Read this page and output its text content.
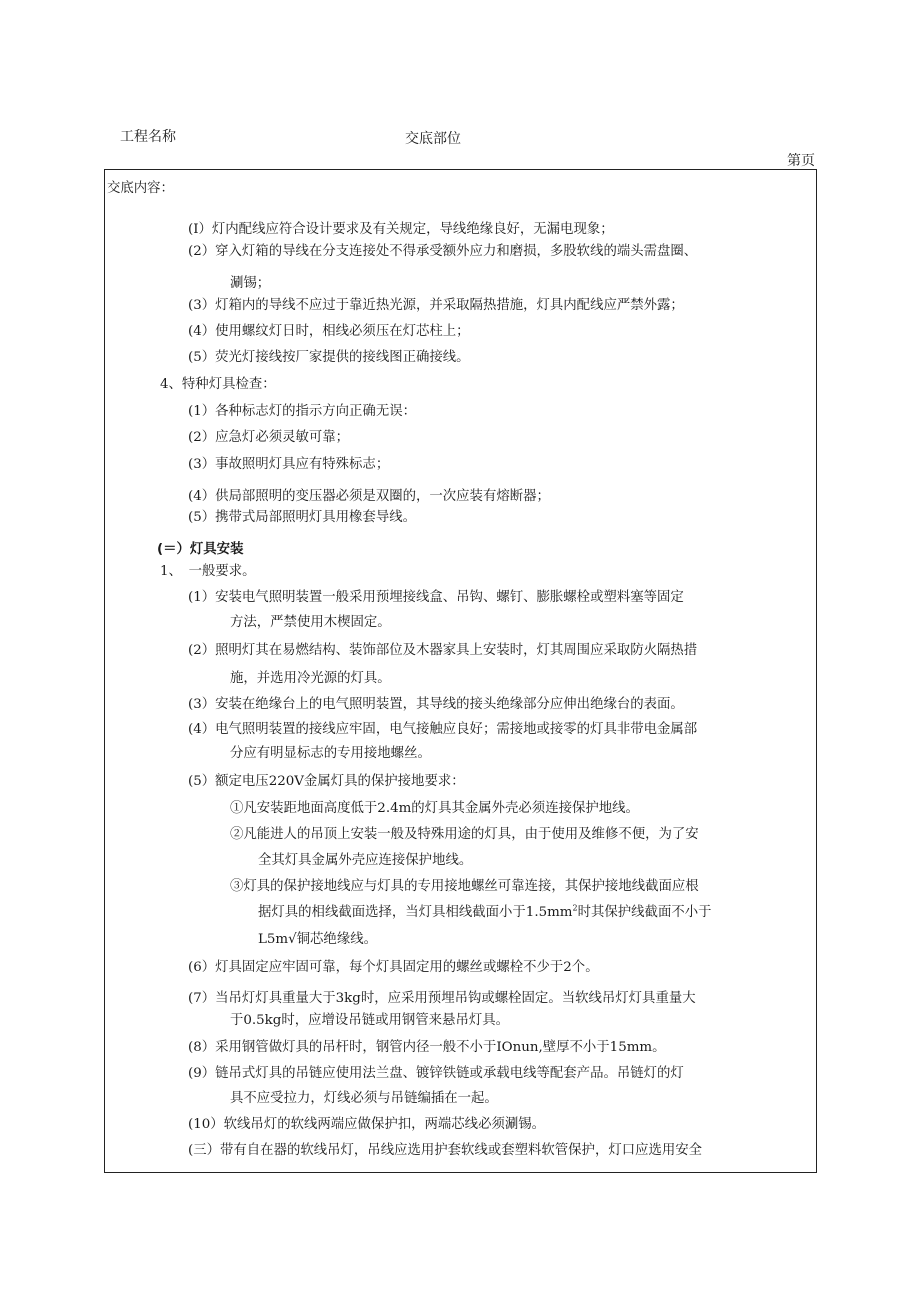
工程名称	交底部位
第页
交底内容：
(I）灯内配线应符合设计要求及有关规定，导线绝缘良好，无漏电现象；
(2）穿入灯箱的导线在分支连接处不得承受额外应力和磨损，多股软线的端头需盘圈、
涮锡；
(3）灯箱内的导线不应过于靠近热光源，并采取隔热措施，灯具内配线应严禁外露；
(4）使用螺纹灯日时，相线必须压在灯芯柱上；
(5）荧光灯接线按厂家提供的接线图正确接线。
4、特种灯具检查：
(1）各种标志灯的指示方向正确无误：
(2）应急灯必须灵敏可靠；
(3）事故照明灯具应有特殊标志；
(4）供局部照明的变压器必须是双圈的，一次应装有熔断器；
(5）携带式局部照明灯具用橡套导线。
(＝）灯具安装
1、　一般要求。
(1）安装电气照明装置一般采用预埋接线盒、吊钩、螺钉、膨胀螺栓或塑料塞等固定
方法，严禁使用木楔固定。
(2）照明灯其在易燃结构、装饰部位及木器家具上安装时，灯其周围应采取防火隔热措
施，并选用冷光源的灯具。
(3）安装在绝缘台上的电气照明装置，其导线的接头绝缘部分应伸出绝缘台的表面。
(4）电气照明装置的接线应牢固，电气接触应良好；需接地或接零的灯具非带电金属部
分应有明显标志的专用接地螺丝。
(5）额定电压220V金属灯具的保护接地要求：
①凡安装距地面高度低于2.4m的灯具其金属外壳必须连接保护地线。
②凡能进人的吊顶上安装一般及特殊用途的灯具，由于使用及维修不便，为了安
全其灯具金属外壳应连接保护地线。
③灯具的保护接地线应与灯具的专用接地螺丝可靠连接，其保护接地线截面应根
据灯具的相线截面选择，当灯具相线截面小于$1.5mm^2$时其保护线截面不小于
L5m√铜芯绝缘线。
(6）灯具固定应牢固可靠，每个灯具固定用的螺丝或螺栓不少于2个。
(7）当吊灯灯具重量大于3kg时，应采用预埋吊钩或螺栓固定。当软线吊灯灯具重量大
于0.5kg时，应增设吊链或用钢管来悬吊灯具。
(8）采用钢管做灯具的吊杆时，钢管内径一般不小于IOnun,壁厚不小于15mm。
(9）链吊式灯具的吊链应使用法兰盘、镀锌铁链或承载电线等配套产品。吊链灯的灯
具不应受拉力，灯线必须与吊链编插在一起。
(10）软线吊灯的软线两端应做保护扣，两端芯线必须涮锡。
(三）带有自在器的软线吊灯，吊线应选用护套软线或套塑料软管保护，灯口应选用安全
